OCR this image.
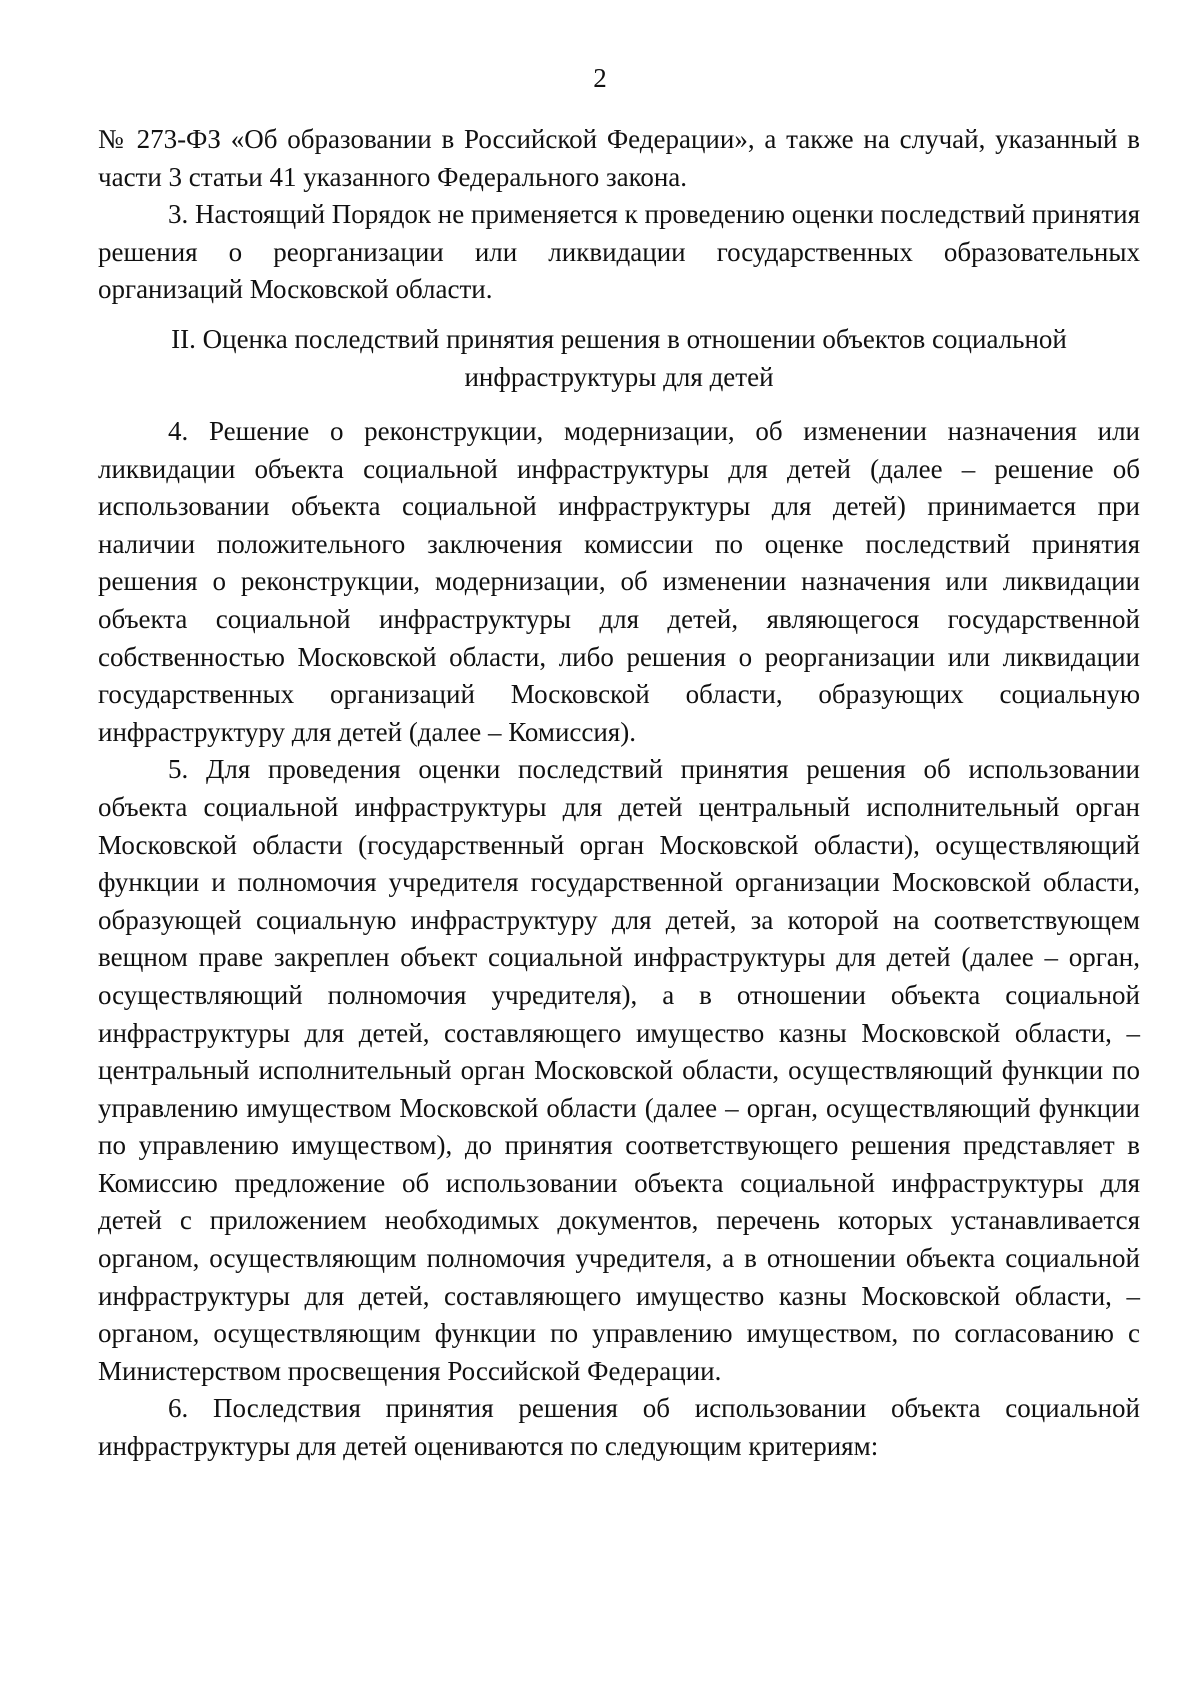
2

№ 273-ФЗ «Об образовании в Российской Федерации», а также на случай, указанный в части 3 статьи 41 указанного Федерального закона.

3. Настоящий Порядок не применяется к проведению оценки последствий принятия решения о реорганизации или ликвидации государственных образовательных организаций Московской области.

II. Оценка последствий принятия решения в отношении объектов социальной
инфраструктуры для детей

4. Решение о реконструкции, модернизации, об изменении назначения или ликвидации объекта социальной инфраструктуры для детей (далее – решение об использовании объекта социальной инфраструктуры для детей) принимается при наличии положительного заключения комиссии по оценке последствий принятия решения о реконструкции, модернизации, об изменении назначения или ликвидации объекта социальной инфраструктуры для детей, являющегося государственной собственностью Московской области, либо решения о реорганизации или ликвидации государственных организаций Московской области, образующих социальную инфраструктуру для детей (далее – Комиссия).

5. Для проведения оценки последствий принятия решения об использовании объекта социальной инфраструктуры для детей центральный исполнительный орган Московской области (государственный орган Московской области), осуществляющий функции и полномочия учредителя государственной организации Московской области, образующей социальную инфраструктуру для детей, за которой на соответствующем вещном праве закреплен объект социальной инфраструктуры для детей (далее – орган, осуществляющий полномочия учредителя), а в отношении объекта социальной инфраструктуры для детей, составляющего имущество казны Московской области, – центральный исполнительный орган Московской области, осуществляющий функции по управлению имуществом Московской области (далее – орган, осуществляющий функции по управлению имуществом), до принятия соответствующего решения представляет в Комиссию предложение об использовании объекта социальной инфраструктуры для детей с приложением необходимых документов, перечень которых устанавливается органом, осуществляющим полномочия учредителя, а в отношении объекта социальной инфраструктуры для детей, составляющего имущество казны Московской области, – органом, осуществляющим функции по управлению имуществом, по согласованию с Министерством просвещения Российской Федерации.

6. Последствия принятия решения об использовании объекта социальной инфраструктуры для детей оцениваются по следующим критериям:
